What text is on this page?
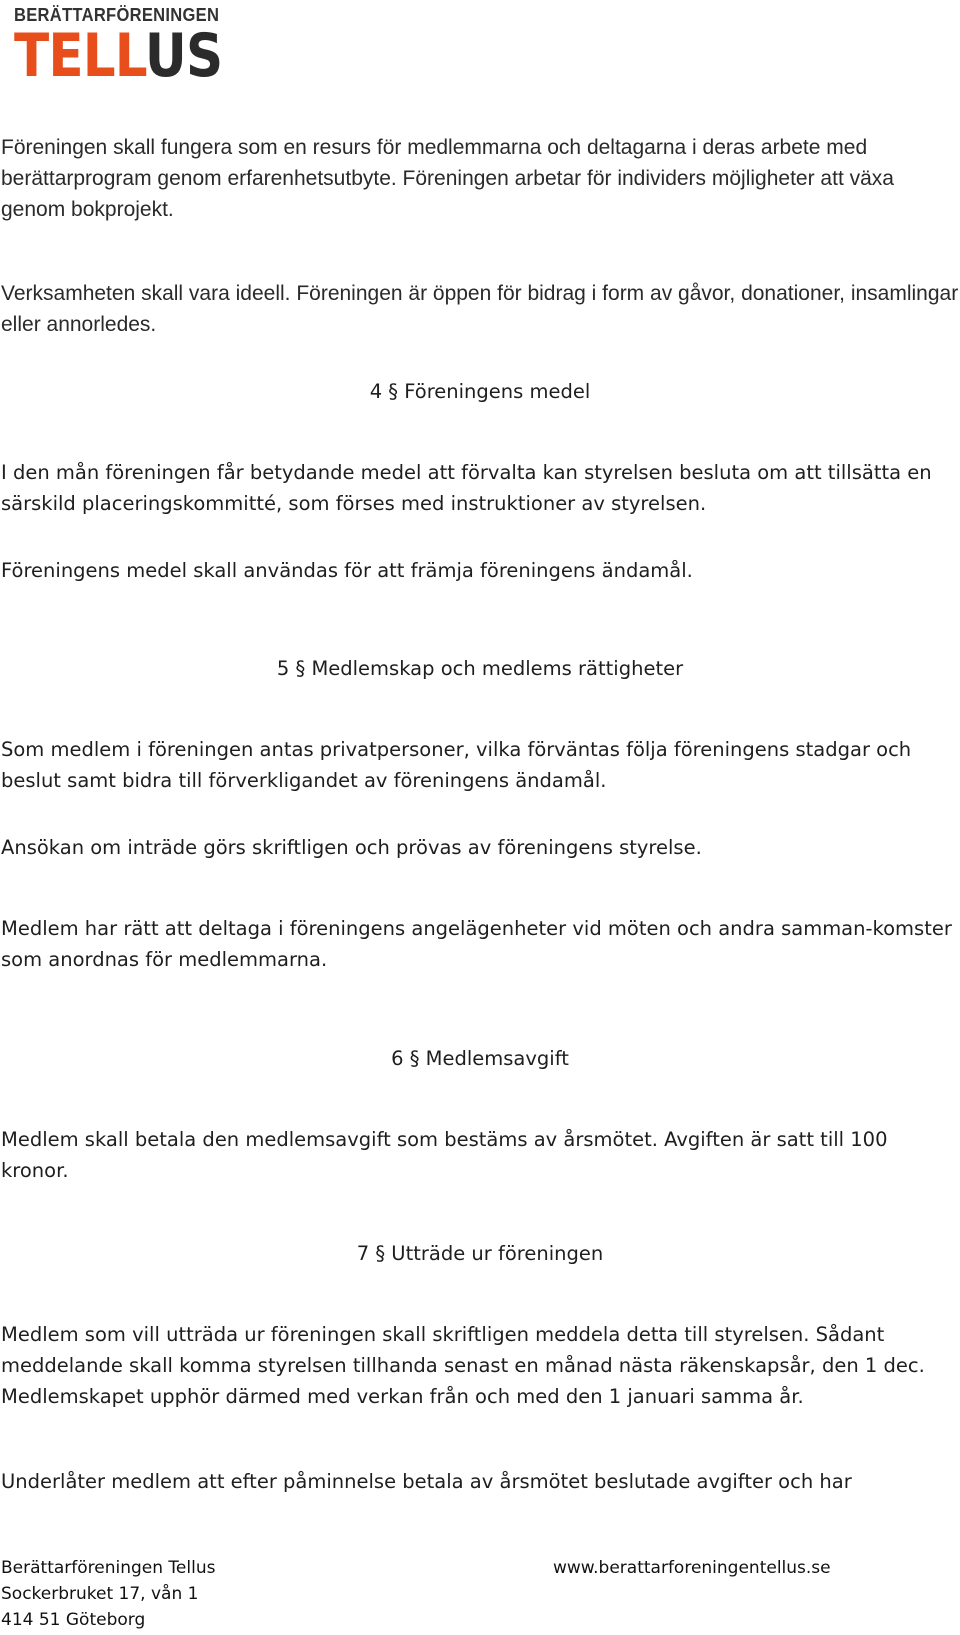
BERÄTTARFÖRENINGEN
TELLUS

Föreningen skall fungera som en resurs för medlemmarna och deltagarna i deras arbete med berättarprogram genom erfarenhetsutbyte. Föreningen arbetar för individers möjligheter att växa genom bokprojekt.

Verksamheten skall vara ideell. Föreningen är öppen för bidrag i form av gåvor, donationer, insamlingar eller annorledes.

4 § Föreningens medel

I den mån föreningen får betydande medel att förvalta kan styrelsen besluta om att tillsätta en särskild placeringskommitté, som förses med instruktioner av styrelsen.

Föreningens medel skall användas för att främja föreningens ändamål.

5 § Medlemskap och medlems rättigheter

Som medlem i föreningen antas privatpersoner, vilka förväntas följa föreningens stadgar och beslut samt bidra till förverkligandet av föreningens ändamål.

Ansökan om inträde görs skriftligen och prövas av föreningens styrelse.

Medlem har rätt att deltaga i föreningens angelägenheter vid möten och andra samman-komster som anordnas för medlemmarna.

6 § Medlemsavgift

Medlem skall betala den medlemsavgift som bestäms av årsmötet. Avgiften är satt till 100 kronor.

7 § Utträde ur föreningen

Medlem som vill utträda ur föreningen skall skriftligen meddela detta till styrelsen. Sådant meddelande skall komma styrelsen tillhanda senast en månad nästa räkenskapsår, den 1 dec. Medlemskapet upphör därmed med verkan från och med den 1 januari samma år.

Underlåter medlem att efter påminnelse betala av årsmötet beslutade avgifter och har

Berättarföreningen Tellus
Sockerbruket 17, vån 1
414 51 Göteborg
www.berattarforeningentellus.se
